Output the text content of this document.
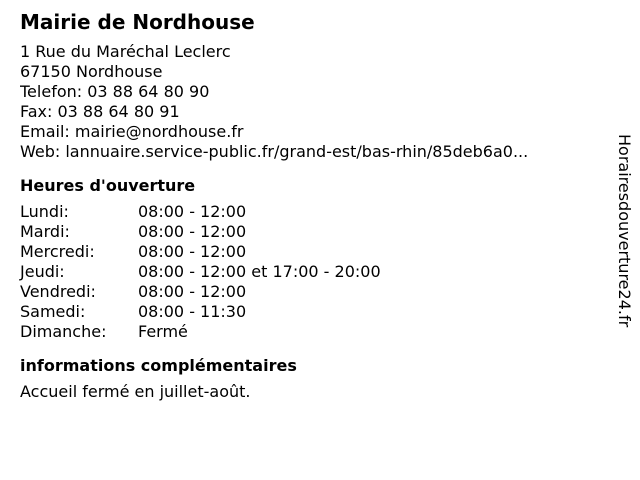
Mairie de Nordhouse
1 Rue du Maréchal Leclerc
67150 Nordhouse
Telefon: 03 88 64 80 90
Fax: 03 88 64 80 91
Email: mairie@nordhouse.fr
Web: lannuaire.service-public.fr/grand-est/bas-rhin/85deb6a0...
Heures d'ouverture
Lundi:	08:00 - 12:00
Mardi:	08:00 - 12:00
Mercredi:	08:00 - 12:00
Jeudi:	08:00 - 12:00 et 17:00 - 20:00
Vendredi:	08:00 - 12:00
Samedi:	08:00 - 11:30
Dimanche:	Fermé
informations complémentaires
Accueil fermé en juillet-août.
Horairesdouverture24.fr
